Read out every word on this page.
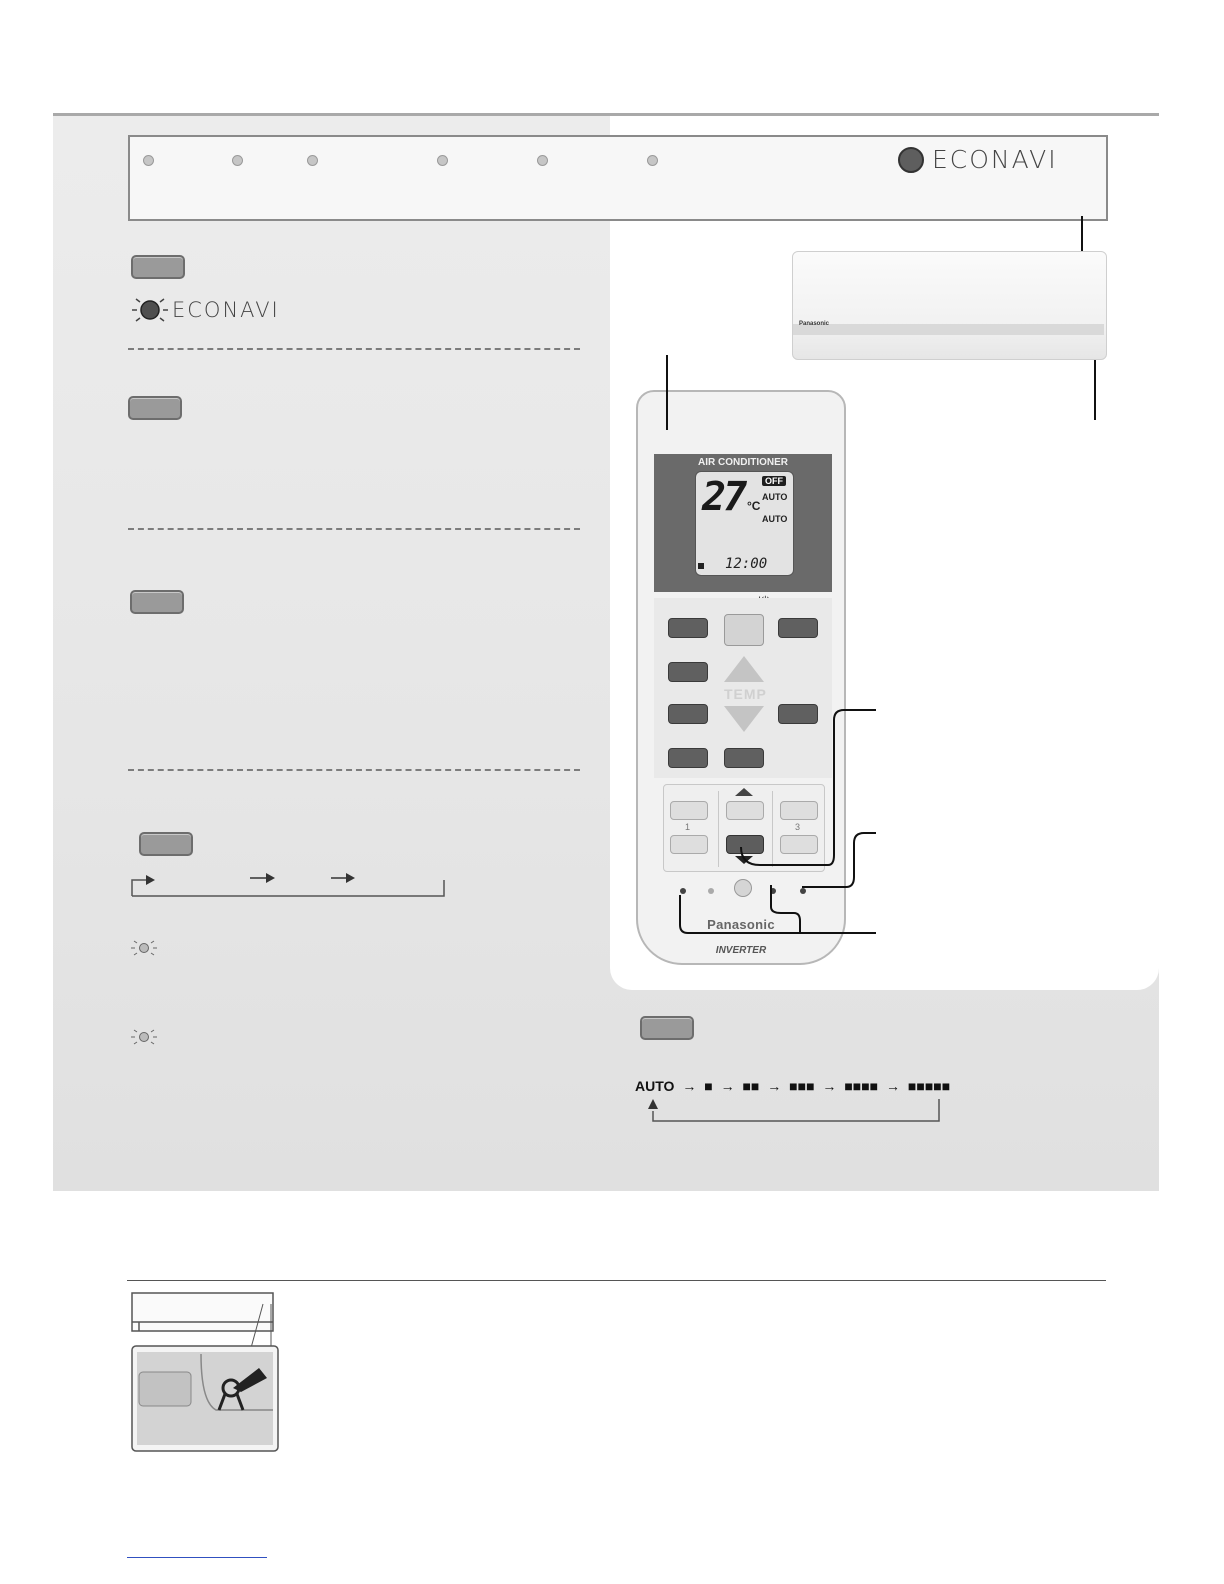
ECONAVI
ECONAVI
Panasonic
AIR CONDITIONER
27 °C
OFF
AUTO
AUTO
12:00
TEMP
1	3
Panasonic
INVERTER
AUTO → ■ → ■■ → ■■■ → ■■■■ → ■■■■■
